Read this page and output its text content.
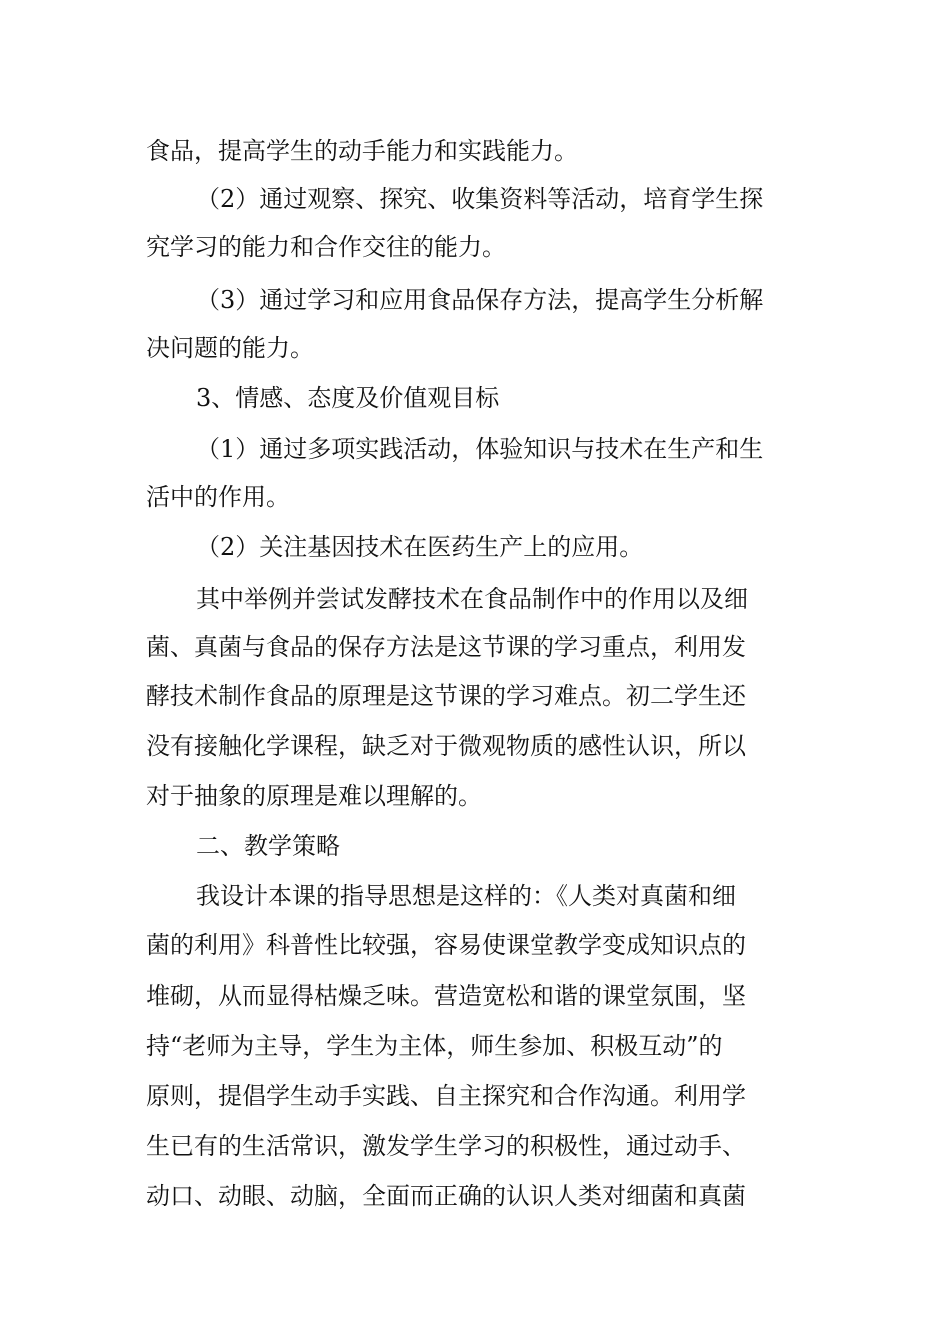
食品，提高学生的动手能力和实践能力。
（2）通过观察、探究、收集资料等活动，培育学生探
究学习的能力和合作交往的能力。
（3）通过学习和应用食品保存方法，提高学生分析解
决问题的能力。
3、情感、态度及价值观目标
（1）通过多项实践活动，体验知识与技术在生产和生
活中的作用。
（2）关注基因技术在医药生产上的应用。
其中举例并尝试发酵技术在食品制作中的作用以及细
菌、真菌与食品的保存方法是这节课的学习重点，利用发
酵技术制作食品的原理是这节课的学习难点。初二学生还
没有接触化学课程，缺乏对于微观物质的感性认识，所以
对于抽象的原理是难以理解的。
二、教学策略
我设计本课的指导思想是这样的：《人类对真菌和细
菌的利用》科普性比较强，容易使课堂教学变成知识点的
堆砌，从而显得枯燥乏味。营造宽松和谐的课堂氛围，坚
持“老师为主导，学生为主体，师生参加、积极互动”的
原则，提倡学生动手实践、自主探究和合作沟通。利用学
生已有的生活常识，激发学生学习的积极性，通过动手、
动口、动眼、动脑，全面而正确的认识人类对细菌和真菌
